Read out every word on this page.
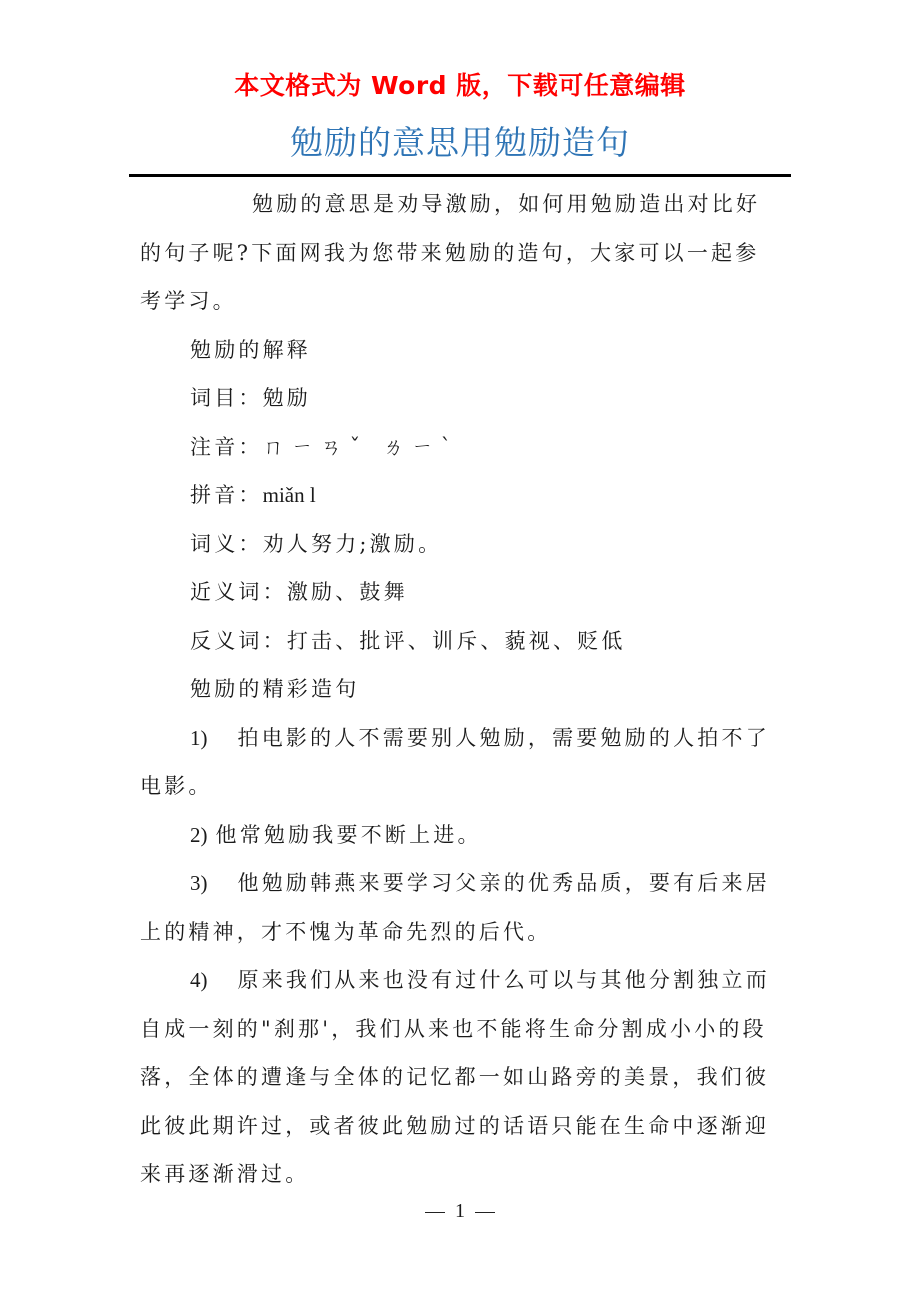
本文格式为 Word 版，下载可任意编辑
勉励的意思用勉励造句

勉励的意思是劝导激励，如何用勉励造出对比好的句子呢?下面网我为您带来勉励的造句，大家可以一起参考学习。

勉励的解释

词目：勉励

注音：ㄇㄧㄢˇ ㄌㄧˋ

拼音：miǎn l

词义：劝人努力;激励。

近义词：激励、鼓舞

反义词：打击、批评、训斥、藐视、贬低

勉励的精彩造句

1) 拍电影的人不需要别人勉励，需要勉励的人拍不了电影。

2) 他常勉励我要不断上进。

3) 他勉励韩燕来要学习父亲的优秀品质，要有后来居上的精神，才不愧为革命先烈的后代。

4) 原来我们从来也没有过什么可以与其他分割独立而自成一刻的"刹那'，我们从来也不能将生命分割成小小的段落，全体的遭逢与全体的记忆都一如山路旁的美景，我们彼此彼此期许过，或者彼此勉励过的话语只能在生命中逐渐迎来再逐渐滑过。

1
